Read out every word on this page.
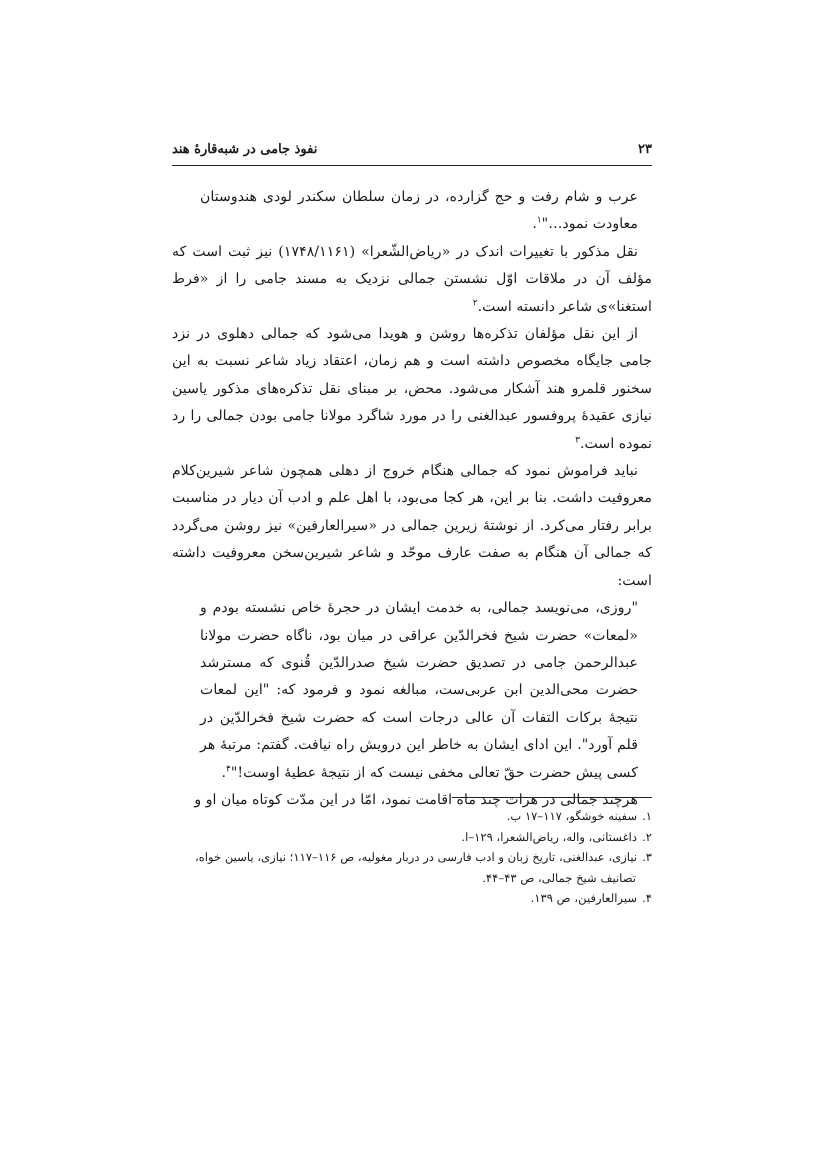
۲۳
نفوذ جامی در شبه‌قارهٔ هند

عرب و شام رفت و حج گزارده، در زمان سلطان سکندر لودی هندوستان معاودت نمود…"$^۱$.

نقل مذکور با تغییرات اندک در «ریاض‌الشّعرا» (۱۷۴۸/۱۱۶۱) نیز ثبت است که مؤلف آن در ملاقات اوّل نشستن جمالی نزدیک به مسند جامی را از «فرط استغنا»ی شاعر دانسته است.$^۲$

از این نقل مؤلفان تذکره‌ها روشن و هویدا می‌شود که جمالی دهلوی در نزد جامی جایگاه مخصوص داشته است و هم زمان، اعتقاد زیاد شاعر نسبت به این سخنور قلمرو هند آشکار می‌شود. محض، بر مبنای نقل تذکره‌های مذکور یاسین نیازی عقیدهٔ پروفسور عبدالغنی را در مورد شاگرد مولانا جامی بودن جمالی را رد نموده است.$^۳$

نباید فراموش نمود که جمالی هنگام خروج از دهلی همچون شاعر شیرین‌کلام معروفیت داشت. بنا بر این، هر کجا می‌بود، با اهل علم و ادب آن دیار در مناسبت برابر رفتار می‌کرد. از نوشتهٔ زیرین جمالی در «سیرالعارفین» نیز روشن می‌گردد که جمالی آن هنگام به صفت عارف موحّد و شاعر شیرین‌سخن معروفیت داشته است:

"روزی، می‌نویسد جمالی، به خدمت ایشان در حجرهٔ خاص نشسته بودم و «لمعات» حضرت شیخ فخرالدّین عراقی در میان بود، ناگاه حضرت مولانا عبدالرحمن جامی در تصدیق حضرت شیخ صدرالدّین قُنوی که مسترشد حضرت محی‌الدین ابن عربی‌ست، مبالغه نمود و فرمود که: "این لمعات نتیجهٔ برکات التفات آن عالی درجات است که حضرت شیخ فخرالدّین در قلم آورد". این ادای ایشان به خاطر این درویش راه نیافت. گفتم: مرتبهٔ هر کسی پیش حضرت حقّ تعالی مخفی نیست که از نتیجهٔ عطیهٔ اوست!"$^۴$.

هرچند جمالی در هرات چند ماه اقامت نمود، امّا در این مدّت کوتاه میان او و

۱.سفینه خوشگو، ۱۱۷–۱۷ ب.

۲.داغستانی، واله، ریاض‌الشعرا، ۱۲۹–ا.

۳.نیازی، عبدالغنی، تاریخ زبان و ادب فارسی در دربار مغولیه، ص ۱۱۶–۱۱۷؛ نیازی، یاسین خواه،

تصانیف شیخ جمالی، ص ۴۳–۴۴.

۴.سیرالعارفین، ص ۱۳۹.
